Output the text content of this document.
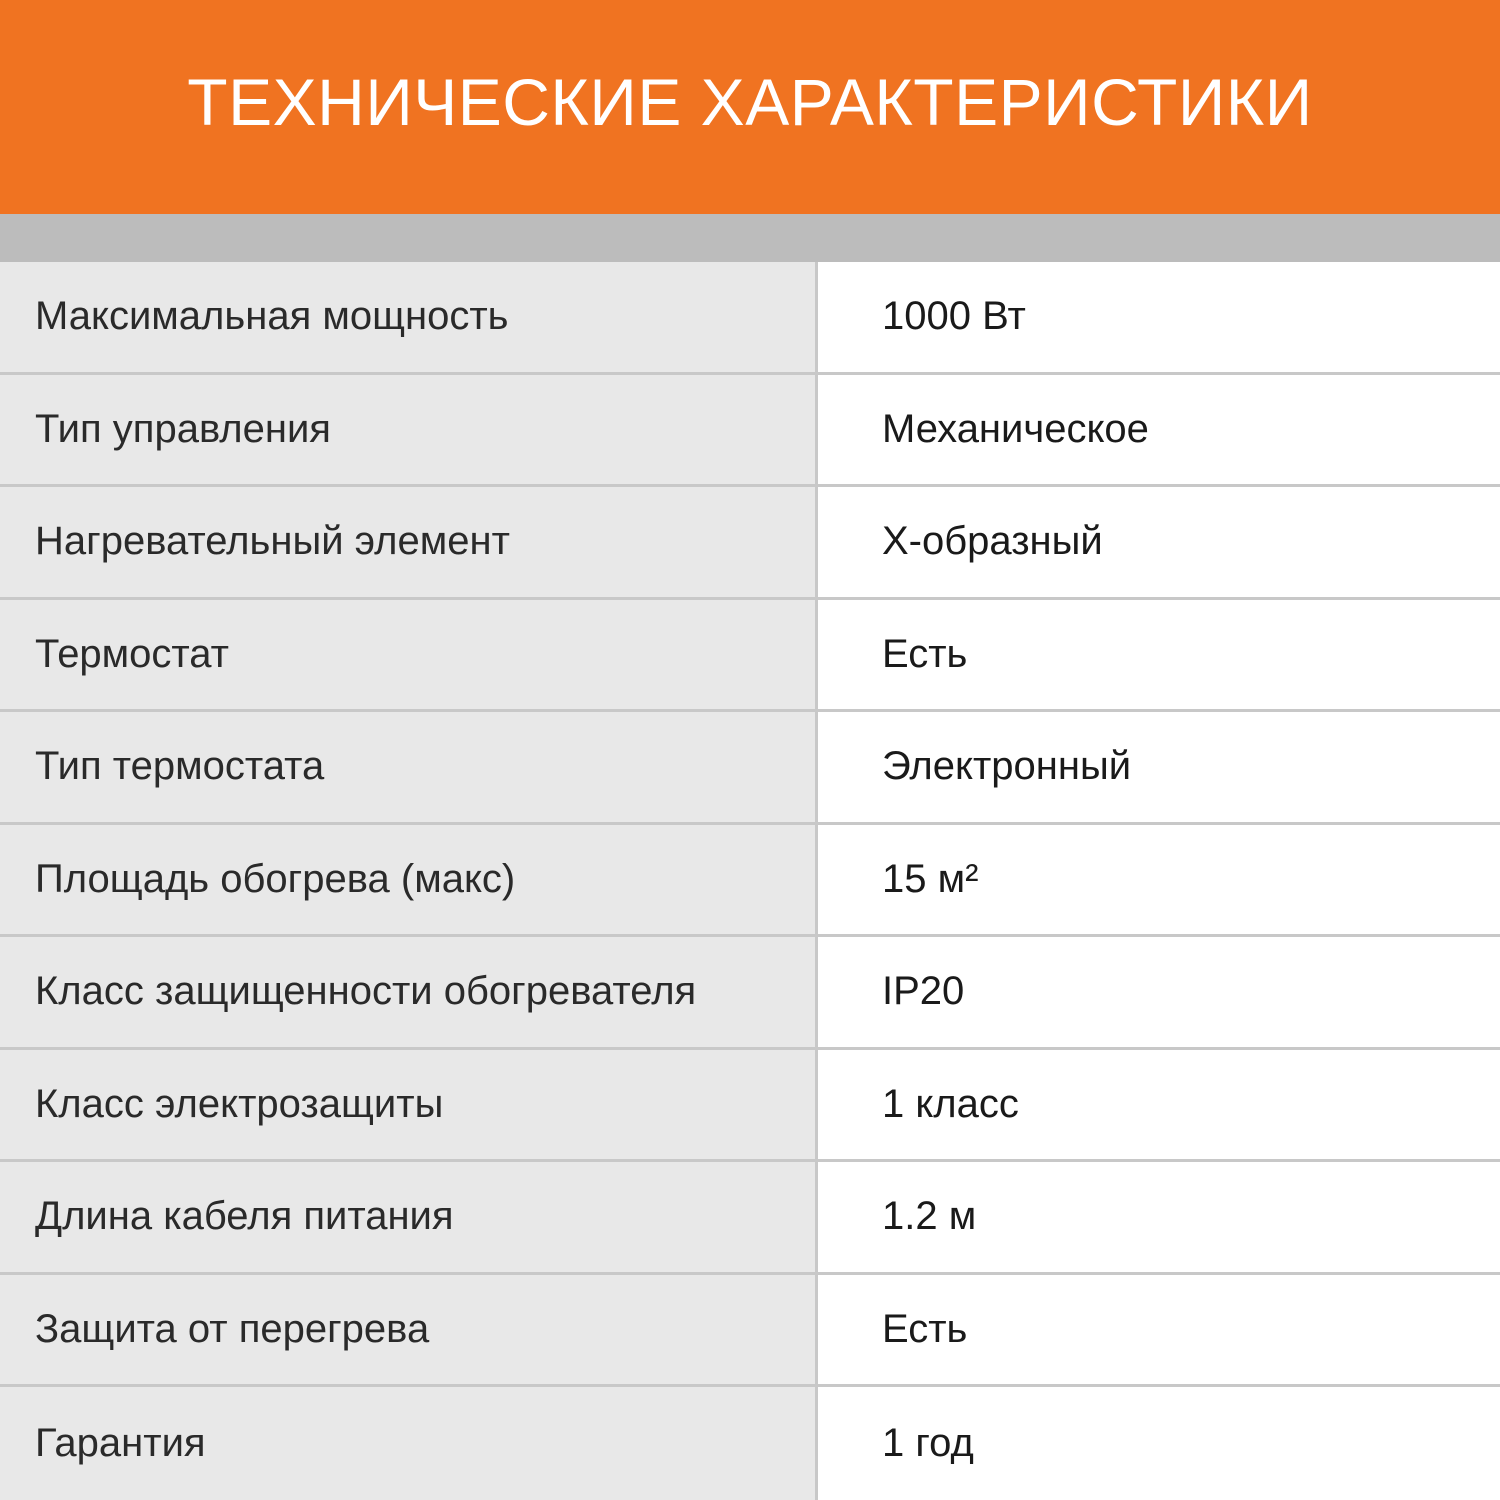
ТЕХНИЧЕСКИЕ ХАРАКТЕРИСТИКИ
Максимальная мощность	1000 Вт
Тип управления	Механическое
Нагревательный элемент	Х-образный
Термостат	Есть
Тип термостата	Электронный
Площадь обогрева (макс)	15 м²
Класс защищенности обогревателя	IP20
Класс электрозащиты	1 класс
Длина кабеля питания	1.2 м
Защита от перегрева	Есть
Гарантия	1 год
